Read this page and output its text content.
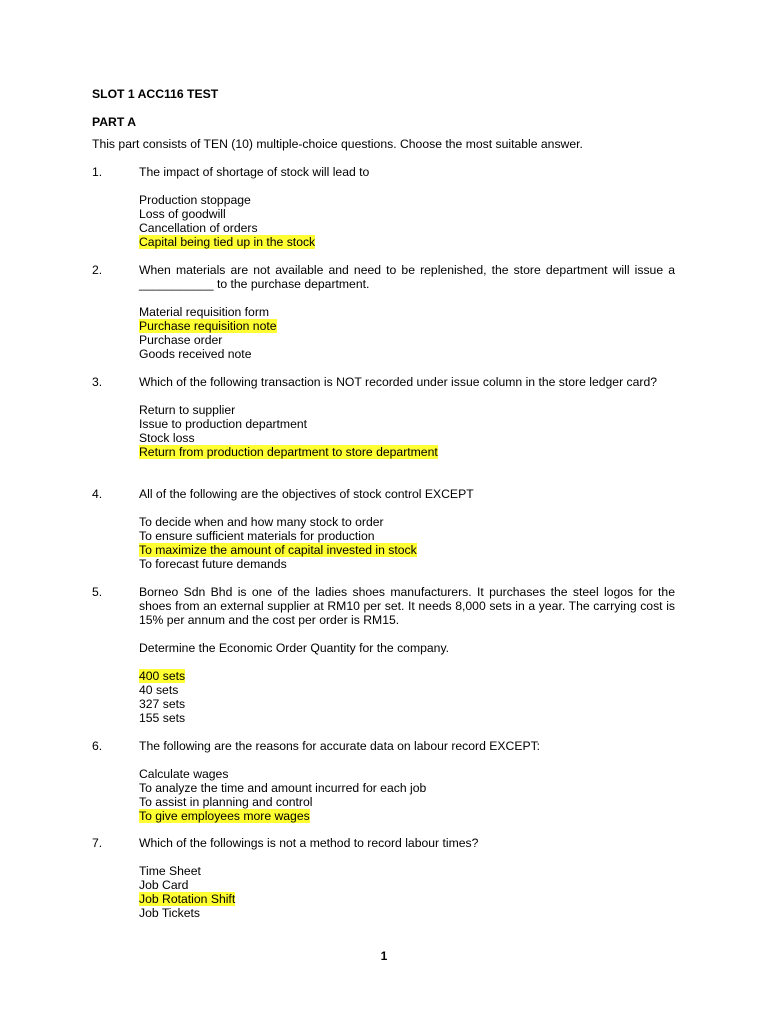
SLOT 1 ACC116 TEST
PART A
This part consists of TEN (10) multiple-choice questions. Choose the most suitable answer.
1.	The impact of shortage of stock will lead to

Production stoppage
Loss of goodwill
Cancellation of orders
Capital being tied up in the stock
2.	When materials are not available and need to be replenished, the store department will issue a ___________ to the purchase department.

Material requisition form
Purchase requisition note
Purchase order
Goods received note
3.	Which of the following transaction is NOT recorded under issue column in the store ledger card?

Return to supplier
Issue to production department
Stock loss
Return from production department to store department
4.	All of the following are the objectives of stock control EXCEPT

To decide when and how many stock to order
To ensure sufficient materials for production
To maximize the amount of capital invested in stock
To forecast future demands
5.	Borneo Sdn Bhd is one of the ladies shoes manufacturers. It purchases the steel logos for the shoes from an external supplier at RM10 per set. It needs 8,000 sets in a year. The carrying cost is 15% per annum and the cost per order is RM15.

Determine the Economic Order Quantity for the company.
400 sets
40 sets
327 sets
155 sets
6.	The following are the reasons for accurate data on labour record EXCEPT:

Calculate wages
To analyze the time and amount incurred for each job
To assist in planning and control
To give employees more wages
7.	Which of the followings is not a method to record labour times?

Time Sheet
Job Card
Job Rotation Shift
Job Tickets
1
